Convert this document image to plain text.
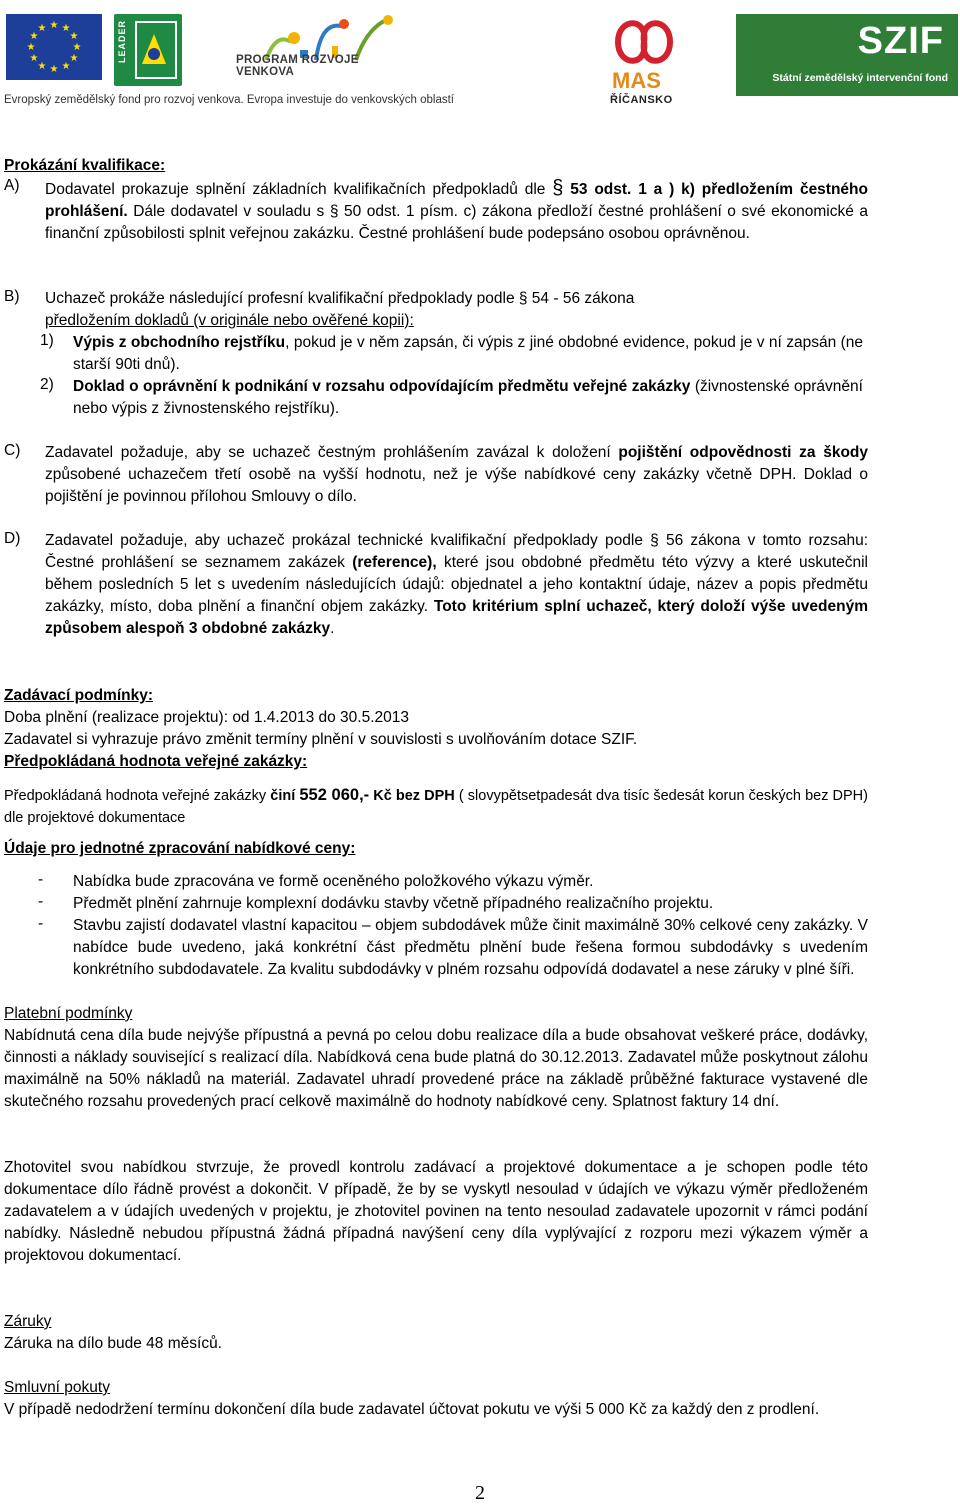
★ ★
★
★
★
★
★
★
★
★
★
★	LEADER	PROGRAM ROZVOJE VENKOVA	MAS
ŘÍČANSKO
SZIF
Státní zemědělský intervenční fond
Evropský zemědělský fond pro rozvoj venkova. Evropa investuje do venkovských oblastí

Prokázání kvalifikace:

A) Dodavatel prokazuje splnění základních kvalifikačních předpokladů dle § 53 odst. 1 a ) k) předložením čestného prohlášení. Dále dodavatel v souladu s § 50 odst. 1 písm. c) zákona předloží čestné prohlášení o své ekonomické a finanční způsobilosti splnit veřejnou zakázku. Čestné prohlášení bude podepsáno osobou oprávněnou.

B) Uchazeč prokáže následující profesní kvalifikační předpoklady podle § 54 - 56 zákona
předložením dokladů (v originále nebo ověřené kopii):

1) Výpis z obchodního rejstříku, pokud je v něm zapsán, či výpis z jiné obdobné evidence, pokud je v ní zapsán (ne starší 90ti dnů).

2) Doklad o oprávnění k podnikání v rozsahu odpovídajícím předmětu veřejné zakázky (živnostenské oprávnění nebo výpis z živnostenského rejstříku).

C) Zadavatel požaduje, aby se uchazeč čestným prohlášením zavázal k doložení pojištění odpovědnosti za škody způsobené uchazečem třetí osobě na vyšší hodnotu, než je výše nabídkové ceny zakázky včetně DPH. Doklad o pojištění je povinnou přílohou Smlouvy o dílo.

D) Zadavatel požaduje, aby uchazeč prokázal technické kvalifikační předpoklady podle § 56 zákona v tomto rozsahu: Čestné prohlášení se seznamem zakázek (reference), které jsou obdobné předmětu této výzvy a které uskutečnil během posledních 5 let s uvedením následujících údajů: objednatel a jeho kontaktní údaje, název a popis předmětu zakázky, místo, doba plnění a finanční objem zakázky. Toto kritérium splní uchazeč, který doloží výše uvedeným způsobem alespoň 3 obdobné zakázky.

Zadávací podmínky:

Doba plnění (realizace projektu): od 1.4.2013 do 30.5.2013

Zadavatel si vyhrazuje právo změnit termíny plnění v souvislosti s uvolňováním dotace SZIF.

Předpokládaná hodnota veřejné zakázky:

Předpokládaná hodnota veřejné zakázky činí 552 060,- Kč bez DPH ( slovypětsetpadesát dva tisíc šedesát korun českých bez DPH) dle projektové dokumentace

Údaje pro jednotné zpracování nabídkové ceny:

- Nabídka bude zpracována ve formě oceněného položkového výkazu výměr.

- Předmět plnění zahrnuje komplexní dodávku stavby včetně případného realizačního projektu.

- Stavbu zajistí dodavatel vlastní kapacitou – objem subdodávek může činit maximálně 30% celkové ceny zakázky. V nabídce bude uvedeno, jaká konkrétní část předmětu plnění bude řešena formou subdodávky s uvedením konkrétního subdodavatele. Za kvalitu subdodávky v plném rozsahu odpovídá dodavatel a nese záruky v plné šíři.

Platební podmínky

Nabídnutá cena díla bude nejvýše přípustná a pevná po celou dobu realizace díla a bude obsahovat veškeré práce, dodávky, činnosti a náklady související s realizací díla. Nabídková cena bude platná do 30.12.2013. Zadavatel může poskytnout zálohu maximálně na 50% nákladů na materiál. Zadavatel uhradí provedené práce na základě průběžné fakturace vystavené dle skutečného rozsahu provedených prací celkově maximálně do hodnoty nabídkové ceny. Splatnost faktury 14 dní.

Zhotovitel svou nabídkou stvrzuje, že provedl kontrolu zadávací a projektové dokumentace a je schopen podle této dokumentace dílo řádně provést a dokončit. V případě, že by se vyskytl nesoulad v údajích ve výkazu výměr předloženém zadavatelem a v údajích uvedených v projektu, je zhotovitel povinen na tento nesoulad zadavatele upozornit v rámci podání nabídky. Následně nebudou přípustná žádná případná navýšení ceny díla vyplývající z rozporu mezi výkazem výměr a projektovou dokumentací.

Záruky

Záruka na dílo bude 48 měsíců.

Smluvní pokuty

V případě nedodržení termínu dokončení díla bude zadavatel účtovat pokutu ve výši 5 000 Kč za každý den z prodlení.

2
